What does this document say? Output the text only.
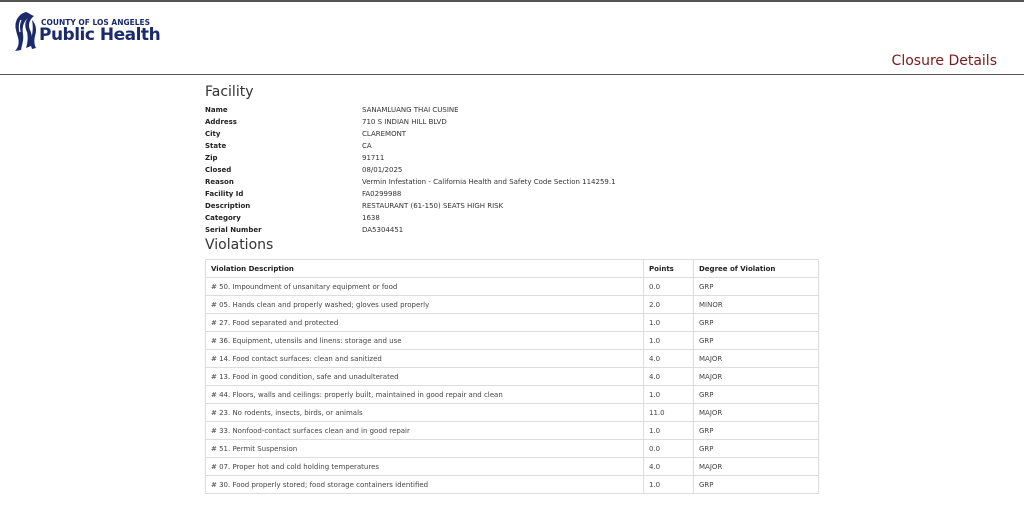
COUNTY OF LOS ANGELES
Public Health
Closure Details
Facility
Name	SANAMLUANG THAI CUSINE
Address	710 S INDIAN HILL BLVD
City	CLAREMONT
State	CA
Zip	91711
Closed	08/01/2025
Reason	Vermin Infestation - California Health and Safety Code Section 114259.1
Facility Id	FA0299988
Description	RESTAURANT (61-150) SEATS HIGH RISK
Category	1638
Serial Number	DA5304451
Violations
Violation Description	Points	Degree of Violation
# 50. Impoundment of unsanitary equipment or food	0.0	GRP
# 05. Hands clean and properly washed; gloves used properly	2.0	MINOR
# 27. Food separated and protected	1.0	GRP
# 36. Equipment, utensils and linens: storage and use	1.0	GRP
# 14. Food contact surfaces: clean and sanitized	4.0	MAJOR
# 13. Food in good condition, safe and unadulterated	4.0	MAJOR
# 44. Floors, walls and ceilings: properly built, maintained in good repair and clean	1.0	GRP
# 23. No rodents, insects, birds, or animals	11.0	MAJOR
# 33. Nonfood-contact surfaces clean and in good repair	1.0	GRP
# 51. Permit Suspension	0.0	GRP
# 07. Proper hot and cold holding temperatures	4.0	MAJOR
# 30. Food properly stored; food storage containers identified	1.0	GRP
